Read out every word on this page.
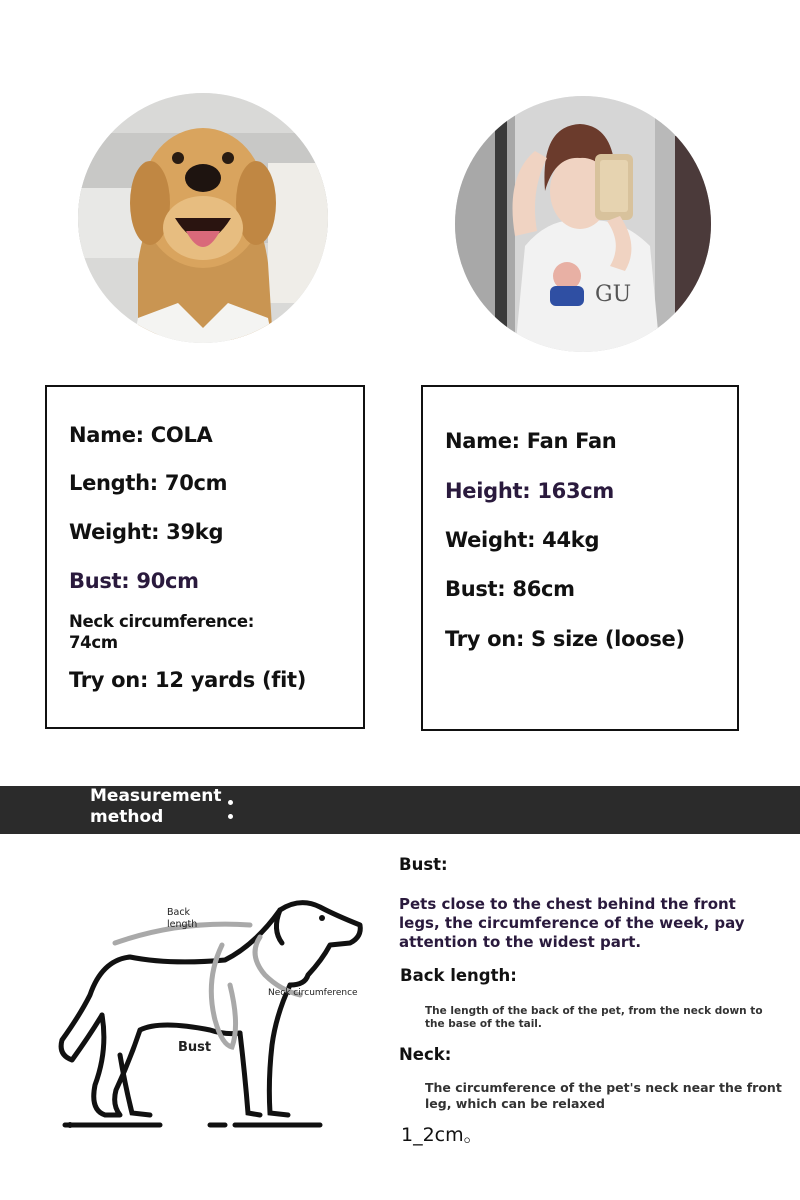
GU
Name: COLA
Length: 70cm
Weight: 39kg
Bust: 90cm
Neck circumference: 74cm
Try on: 12 yards (fit)
Name: Fan Fan
Height: 163cm
Weight: 44kg
Bust: 86cm
Try on: S size (loose)
Measurement method
Back
length
Neck circumference
Bust
Bust:
Pets close to the chest behind the front legs, the circumference of the week, pay attention to the widest part.
Back length:
The length of the back of the pet, from the neck down to the base of the tail.
Neck:
The circumference of the pet's neck near the front leg, which can be relaxed
1_2cm。
